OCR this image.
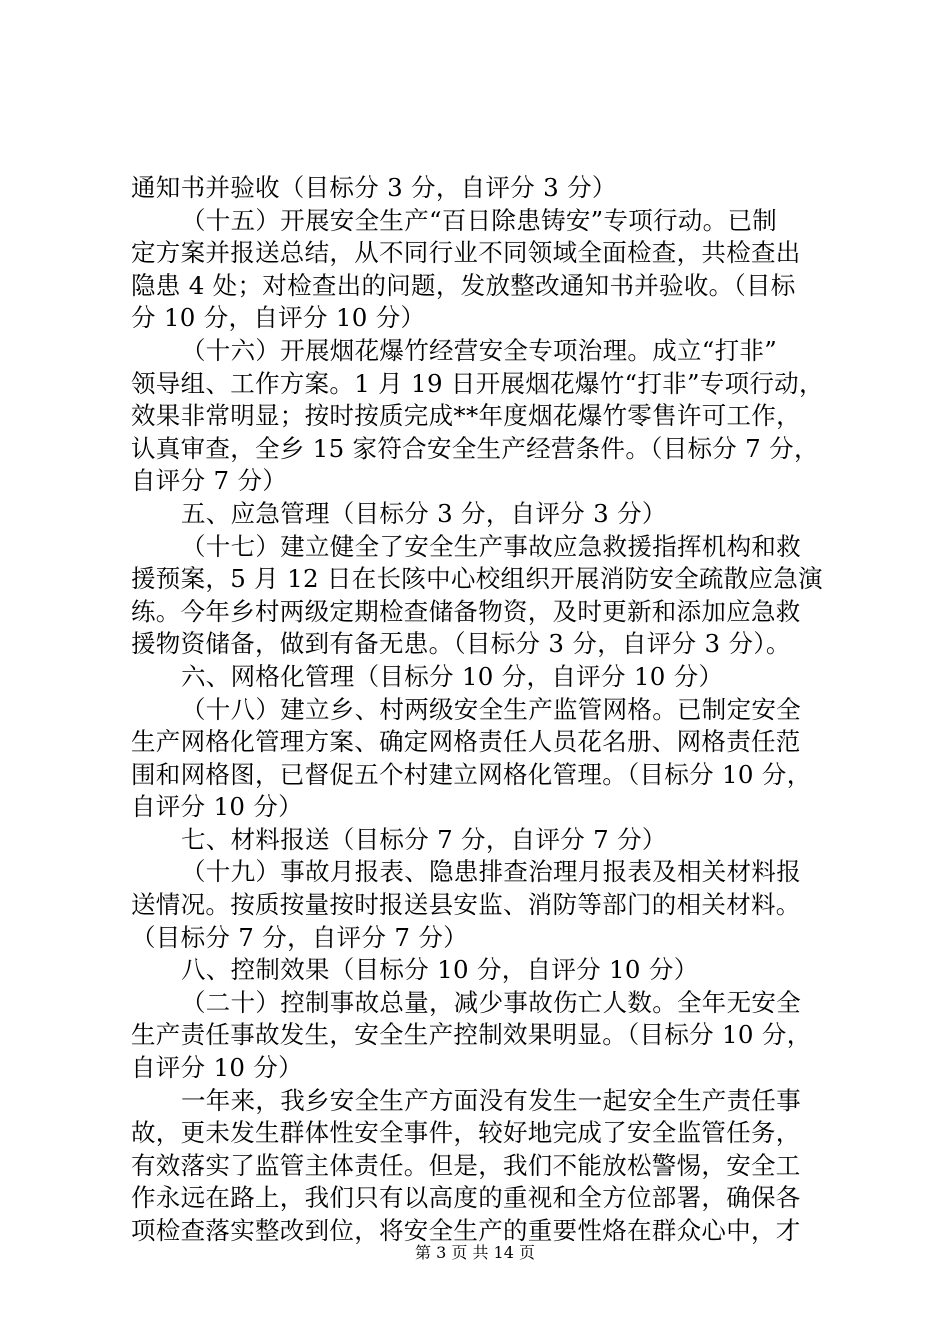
通知书并验收（目标分 3 分，自评分 3 分）
（十五）开展安全生产“百日除患铸安”专项行动。已制
定方案并报送总结，从不同行业不同领域全面检查，共检查出
隐患 4 处；对检查出的问题，发放整改通知书并验收。（目标
分 10 分，自评分 10 分）
（十六）开展烟花爆竹经营安全专项治理。成立“打非”
领导组、工作方案。1 月 19 日开展烟花爆竹“打非”专项行动，
效果非常明显；按时按质完成**年度烟花爆竹零售许可工作，
认真审查，全乡 15 家符合安全生产经营条件。（目标分 7 分，
自评分 7 分）
五、应急管理（目标分 3 分，自评分 3 分）
（十七）建立健全了安全生产事故应急救援指挥机构和救
援预案，5 月 12 日在长陔中心校组织开展消防安全疏散应急演
练。今年乡村两级定期检查储备物资，及时更新和添加应急救
援物资储备，做到有备无患。（目标分 3 分，自评分 3 分）。
六、网格化管理（目标分 10 分，自评分 10 分）
（十八）建立乡、村两级安全生产监管网格。已制定安全
生产网格化管理方案、确定网格责任人员花名册、网格责任范
围和网格图，已督促五个村建立网格化管理。（目标分 10 分，
自评分 10 分）
七、材料报送（目标分 7 分，自评分 7 分）
（十九）事故月报表、隐患排查治理月报表及相关材料报
送情况。按质按量按时报送县安监、消防等部门的相关材料。
（目标分 7 分，自评分 7 分）
八、控制效果（目标分 10 分，自评分 10 分）
（二十）控制事故总量，减少事故伤亡人数。全年无安全
生产责任事故发生，安全生产控制效果明显。（目标分 10 分，
自评分 10 分）
一年来，我乡安全生产方面没有发生一起安全生产责任事
故，更未发生群体性安全事件，较好地完成了安全监管任务，
有效落实了监管主体责任。但是，我们不能放松警惕，安全工
作永远在路上，我们只有以高度的重视和全方位部署，确保各
项检查落实整改到位，将安全生产的重要性烙在群众心中，才
第 3 页 共 14 页
